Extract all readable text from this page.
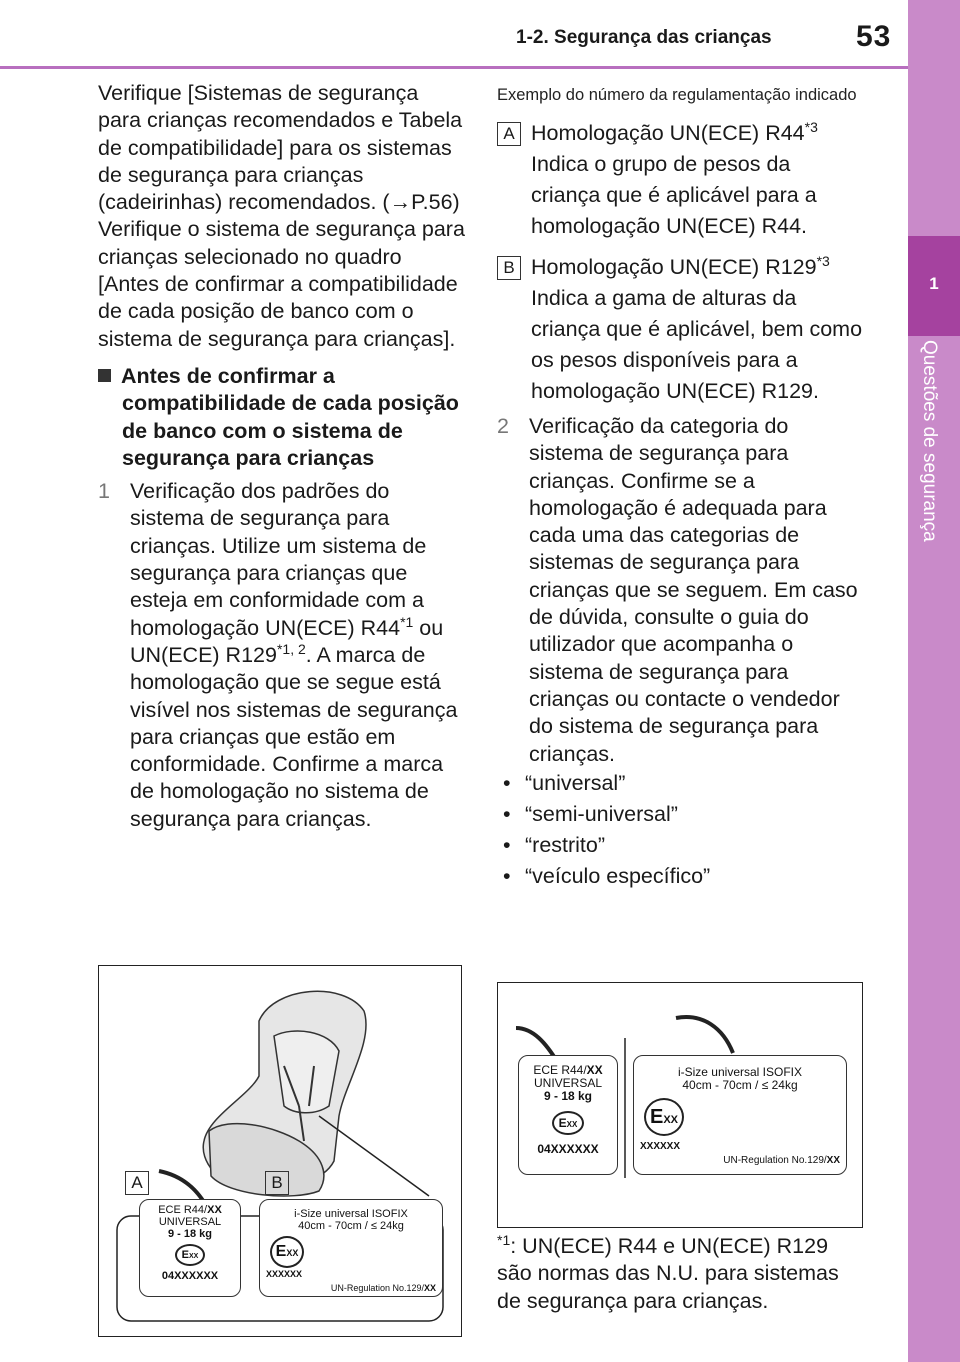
1-2. Segurança das crianças	53
1
Questões de segurança

Verifique [Sistemas de segurança para crianças recomendados e Tabela de compatibilidade] para os sistemas de segurança para crianças (cadeirinhas) recomendados. (→P.56) Verifique o sistema de segurança para crianças selecionado no quadro [Antes de confirmar a compatibilidade de cada posição de banco com o sistema de segurança para crianças].

Antes de confirmar a compatibilidade de cada posição de banco com o sistema de segurança para crianças

1 Verificação dos padrões do sistema de segurança para crianças. Utilize um sistema de segurança para crianças que esteja em conformidade com a homologação UN(ECE) R44$^{*1}$ ou UN(ECE) R129$^{*1, 2}$. A marca de homologação que se segue está visível nos sistemas de segurança para crianças que estão em conformidade. Confirme a marca de homologação no sistema de segurança para crianças.

Exemplo do número da regulamentação indicado

A Homologação UN(ECE) R44$^{*3}$
Indica o grupo de pesos da criança que é aplicável para a homologação UN(ECE) R44.
B Homologação UN(ECE) R129$^{*3}$
Indica a gama de alturas da criança que é aplicável, bem como os pesos disponíveis para a homologação UN(ECE) R129.
2 Verificação da categoria do sistema de segurança para crianças. Confirme se a homologação é adequada para cada uma das categorias de sistemas de segurança para crianças que se seguem. Em caso de dúvida, consulte o guia do utilizador que acompanha o sistema de segurança para crianças ou contacte o vendedor do sistema de segurança para crianças.
• “universal”
• “semi-universal”
• “restrito”
• “veículo específico”

$^{*1}$: UN(ECE) R44 e UN(ECE) R129 são normas das N.U. para sistemas de segurança para crianças.

A	B
ECE R44/XX
UNIVERSAL
9 - 18 kg
EXX
04XXXXXX
i-Size universal ISOFIX
40cm - 70cm / ≤ 24kg
EXX
XXXXXX
UN-Regulation No.129/XX
ECE R44/XX
UNIVERSAL
9 - 18 kg
EXX
04XXXXXX
i-Size universal ISOFIX
40cm - 70cm / ≤ 24kg
EXX
XXXXXX
UN-Regulation No.129/XX
